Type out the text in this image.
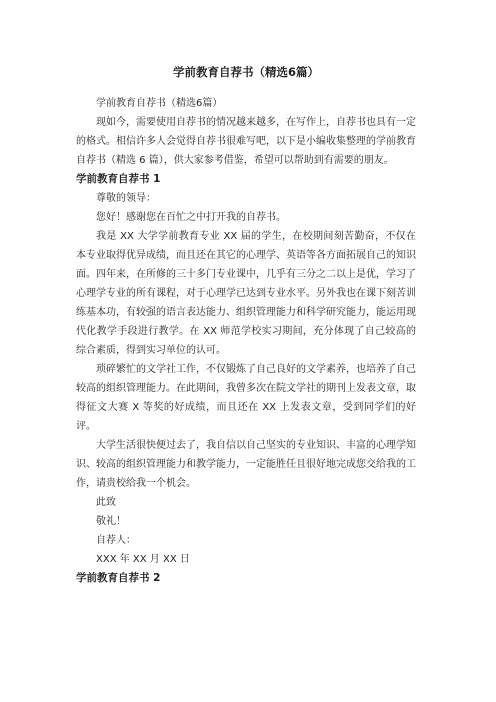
学前教育自荐书（精选6篇）

学前教育自荐书（精选6篇）

现如今，需要使用自荐书的情况越来越多，在写作上，自荐书也具有一定的格式。相信许多人会觉得自荐书很难写吧，以下是小编收集整理的学前教育自荐书（精选 6 篇），供大家参考借鉴，希望可以帮助到有需要的朋友。

学前教育自荐书 1

尊敬的领导：

您好！感谢您在百忙之中打开我的自荐书。

我是 XX 大学学前教育专业 XX 届的学生，在校期间刻苦勤奋，不仅在本专业取得优异成绩，而且还在其它的心理学、英语等各方面拓展自己的知识面。四年来，在所修的三十多门专业课中，几乎有三分之二以上是优，学习了心理学专业的所有课程，对于心理学已达到专业水平。另外我也在课下刻苦训练基本功，有较强的语言表达能力、组织管理能力和科学研究能力，能运用现代化教学手段进行教学。在 XX 师范学校实习期间，充分体现了自己较高的综合素质，得到实习单位的认可。

琐碎繁忙的文学社工作，不仅锻炼了自己良好的文学素养，也培养了自己较高的组织管理能力。在此期间，我曾多次在院文学社的期刊上发表文章，取得征文大赛 X 等奖的好成绩，而且还在 XX 上发表文章，受到同学们的好评。

大学生活很快便过去了，我自信以自己坚实的专业知识、丰富的心理学知识、较高的组织管理能力和教学能力，一定能胜任且很好地完成您交给我的工作，请贵校给我一个机会。

此致

敬礼！

自荐人：

XXX 年 XX 月 XX 日

学前教育自荐书 2
